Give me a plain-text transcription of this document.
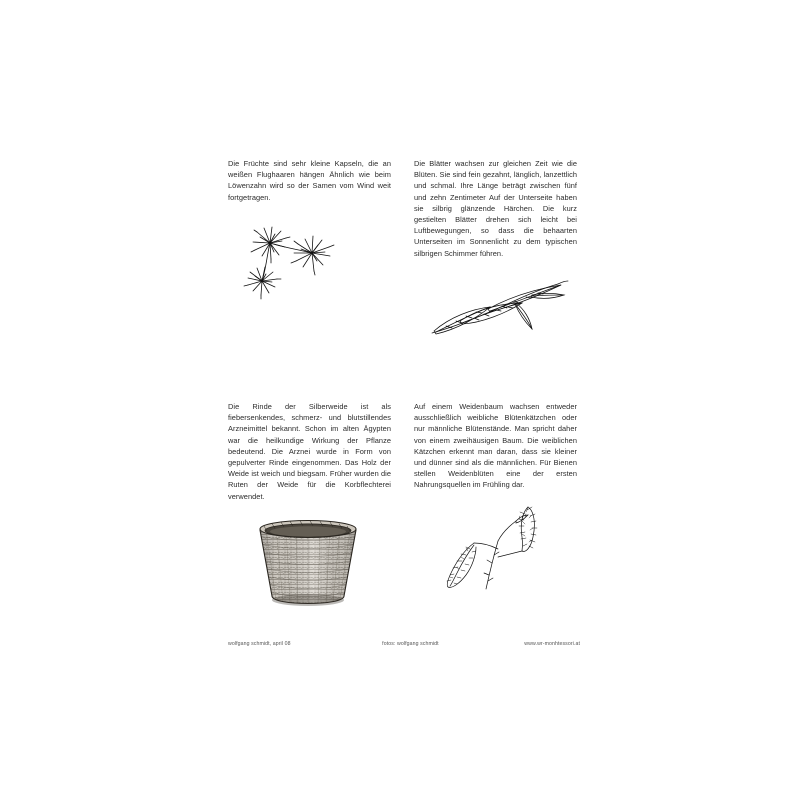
Die Früchte sind sehr kleine Kapseln, die an weißen Flughaaren hängen Ähnlich wie beim Löwenzahn wird so der Samen vom Wind weit fortgetragen.

Die Blätter wachsen zur gleichen Zeit wie die Blüten. Sie sind fein gezahnt, länglich, lanzettlich und schmal. Ihre Länge beträgt zwischen fünf und zehn Zentimeter Auf der Unterseite haben sie silbrig glänzende Härchen. Die kurz gestielten Blätter drehen sich leicht bei Luftbewegungen, so dass die behaarten Unterseiten im Sonnenlicht zu dem typischen silbrigen Schimmer führen.

Die Rinde der Silberweide ist als fiebersenkendes, schmerz- und blutstillendes Arzneimittel bekannt. Schon im alten Ägypten war die heilkundige Wirkung der Pflanze bedeutend. Die Arznei wurde in Form von gepulverter Rinde eingenommen. Das Holz der Weide ist weich und biegsam. Früher wurden die Ruten der Weide für die Korbflechterei verwendet.

Auf einem Weidenbaum wachsen entweder ausschließlich weibliche Blütenkätzchen oder nur männliche Blütenstände. Man spricht daher von einem zweihäusigen Baum. Die weiblichen Kätzchen erkennt man daran, dass sie kleiner und dünner sind als die männlichen. Für Bienen stellen Weidenblüten eine der ersten Nahrungsquellen im Frühling dar.

wolfgang schmidt, april 08	fotos: wolfgang schmidt	www.wr-monhtessori.at
